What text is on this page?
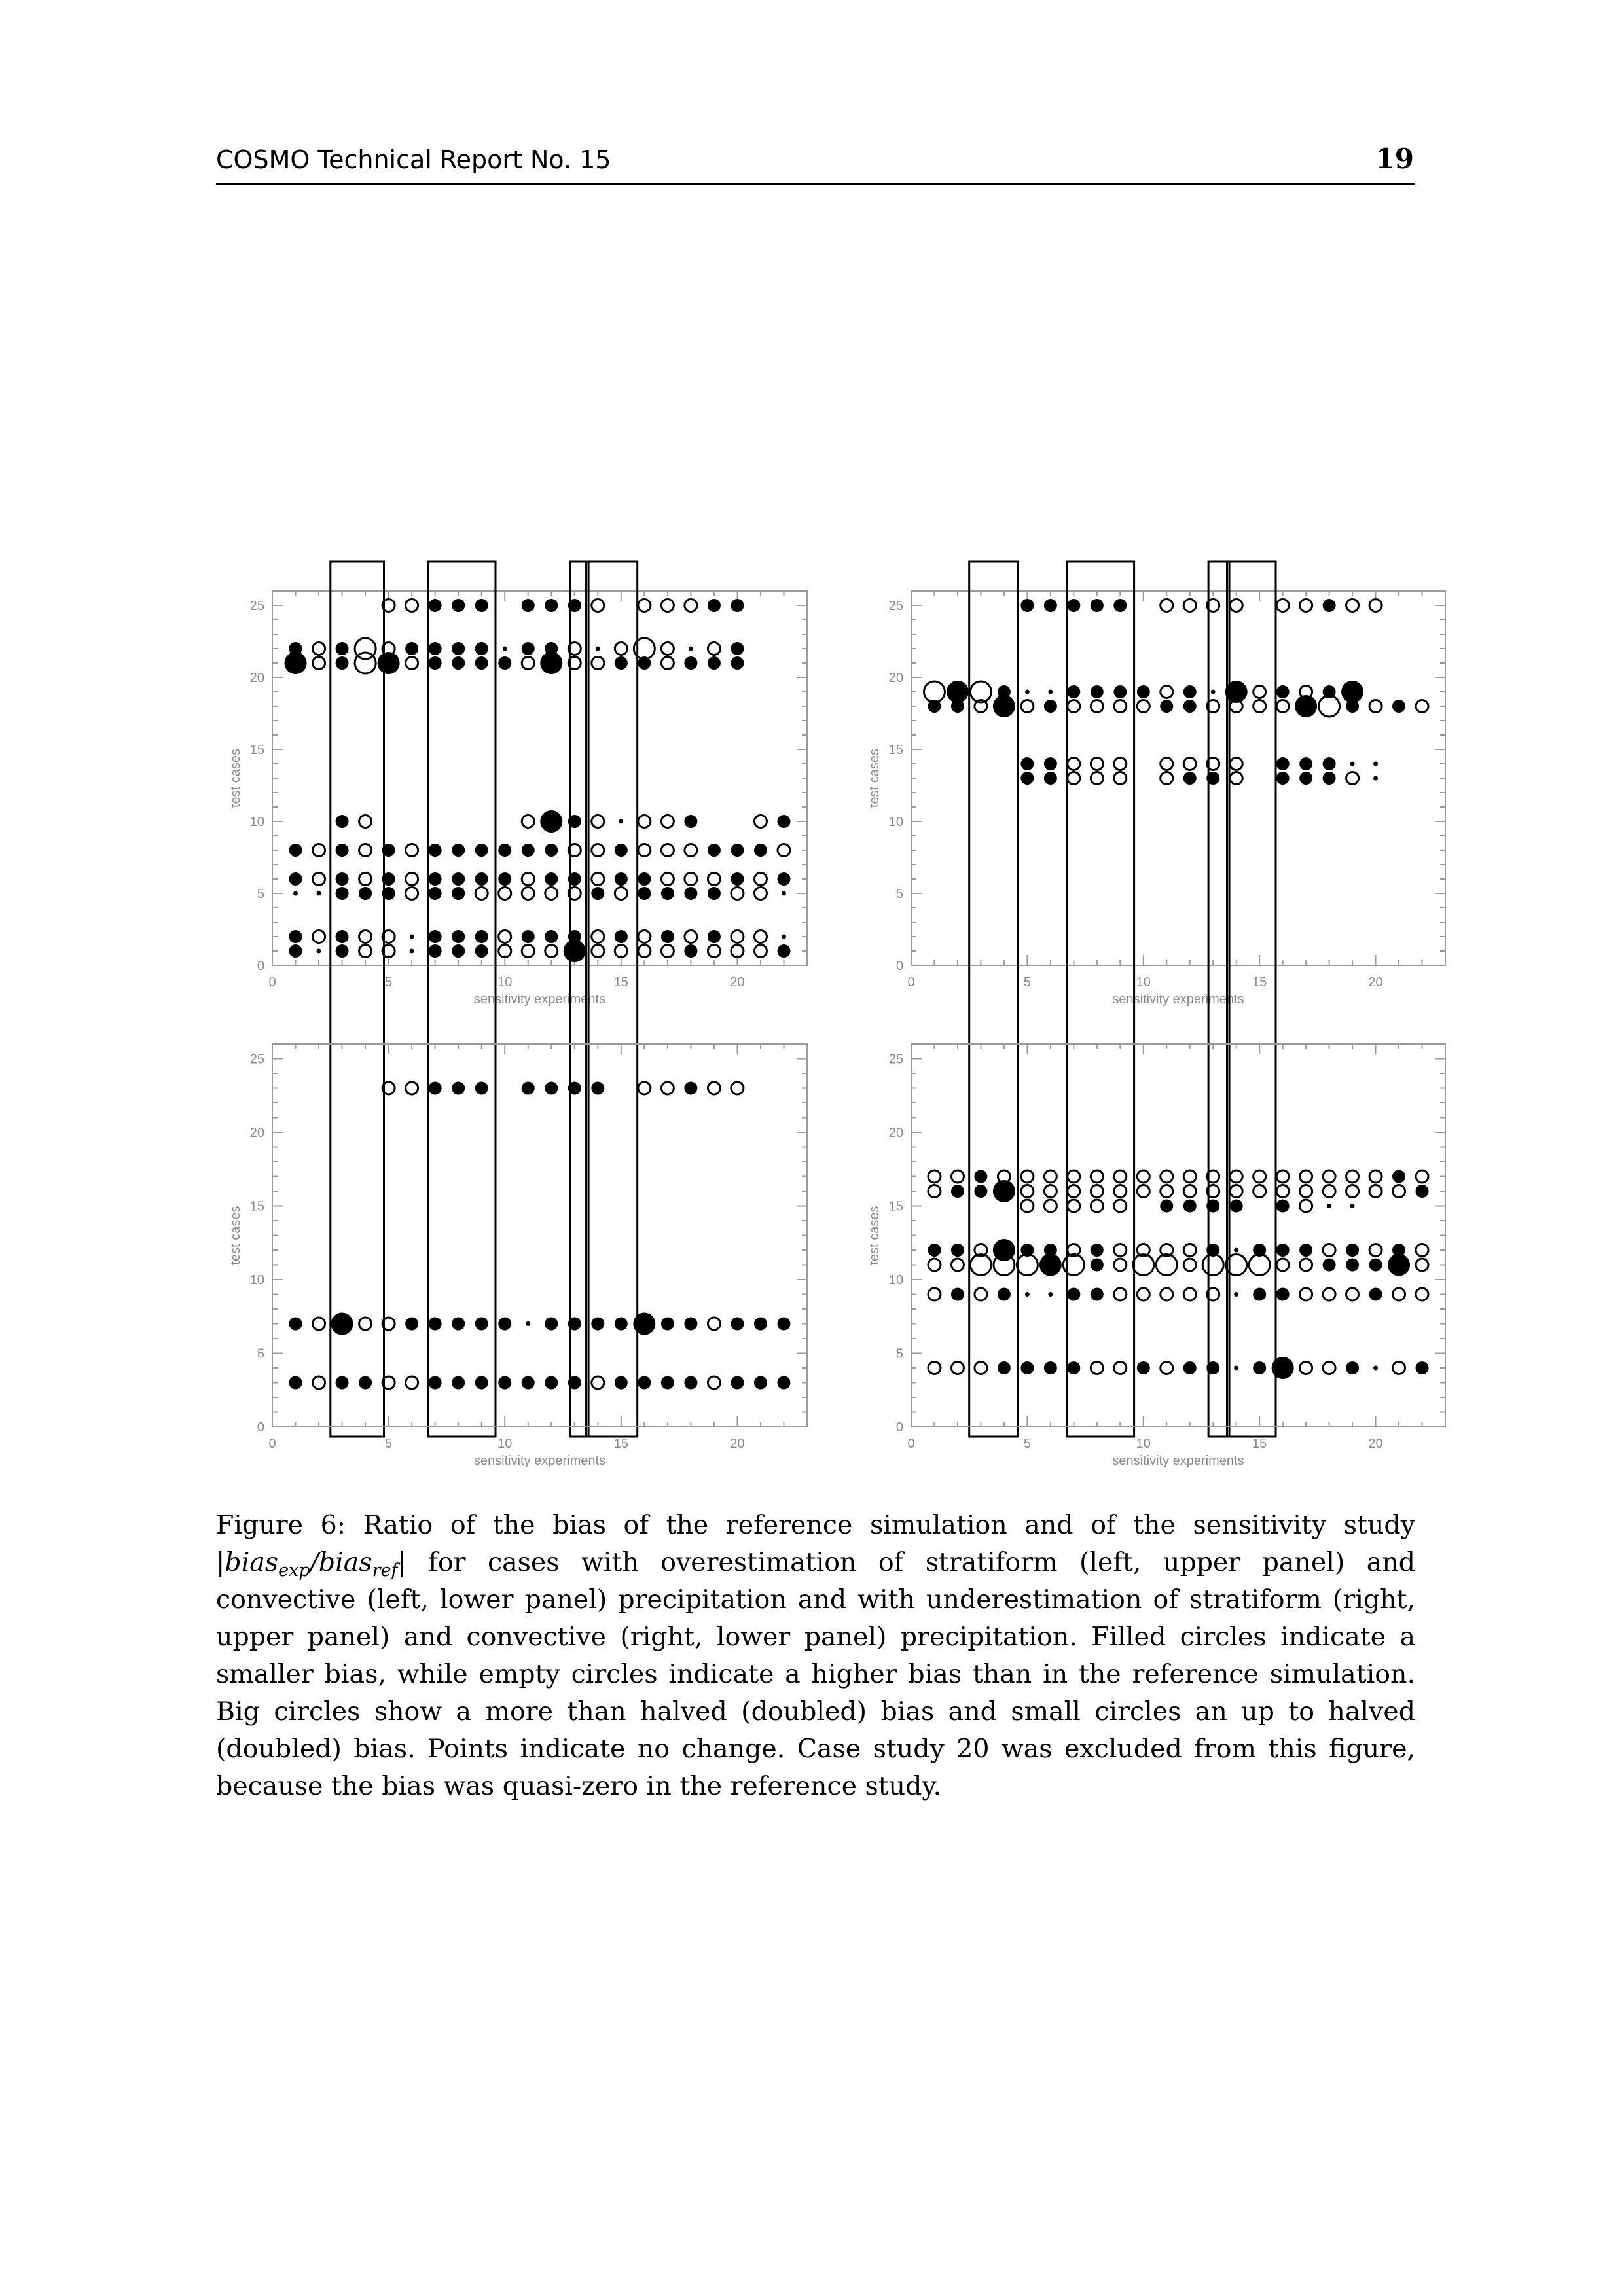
COSMO Technical Report No. 15	19
0	5	10	15	20
0
5
10
15
20
25
sensitivity experiments
test cases
0	5	10	15	20
0
5
10
15
20
25
sensitivity experiments
test cases
0	5	10	15	20
0
5
10
15
20
25
sensitivity experiments
test cases
0	5	10	15	20
0
5
10
15
20
25
sensitivity experiments
test cases
Figure 6: Ratio of the bias of the reference simulation and of the sensitivity study |bias$_{exp}$/bias$_{ref}$| for cases with overestimation of stratiform (left, upper panel) and convective (left, lower panel) precipitation and with underestimation of stratiform (right, upper panel) and convective (right, lower panel) precipitation. Filled circles indicate a smaller bias, while empty circles indicate a higher bias than in the reference simulation. Big circles show a more than halved (doubled) bias and small circles an up to halved (doubled) bias. Points indicate no change. Case study 20 was excluded from this figure, because the bias was quasi-zero in the reference study.
